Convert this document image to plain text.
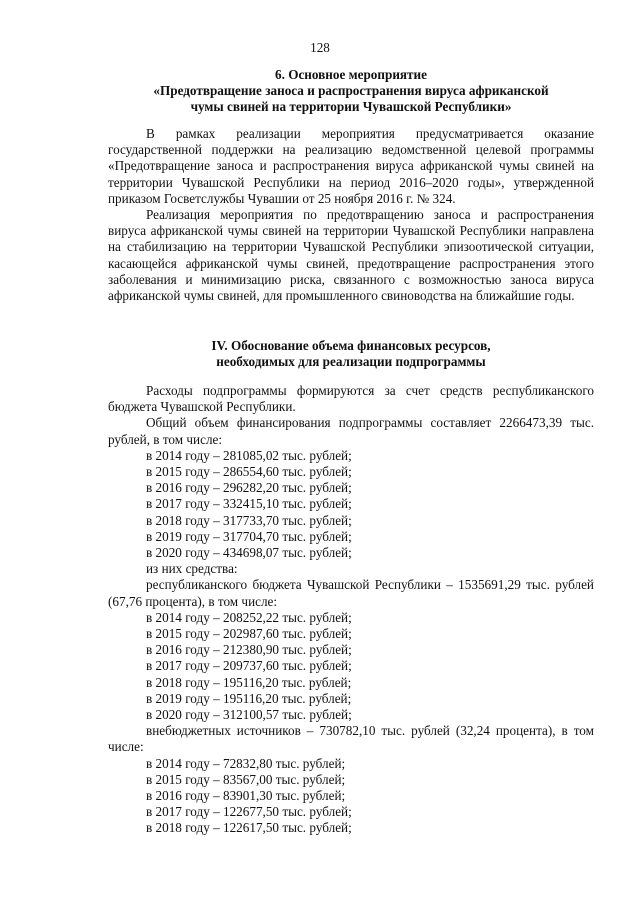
128
6. Основное мероприятие
«Предотвращение заноса и распространения вируса африканской
чумы свиней на территории Чувашской Республики»

В рамках реализации мероприятия предусматривается оказание государственной поддержки на реализацию ведомственной целевой программы «Предотвращение заноса и распространения вируса африканской чумы свиней на территории Чувашской Республики на период 2016–2020 годы», утвержденной приказом Госветслужбы Чувашии от 25 ноября 2016 г. № 324.

Реализация мероприятия по предотвращению заноса и распространения вируса африканской чумы свиней на территории Чувашской Республики направлена на стабилизацию на территории Чувашской Республики эпизоотической ситуации, касающейся африканской чумы свиней, предотвращение распространения этого заболевания и минимизацию риска, связанного с возможностью заноса вируса африканской чумы свиней, для промышленного свиноводства на ближайшие годы.

IV. Обоснование объема финансовых ресурсов,
необходимых для реализации подпрограммы

Расходы подпрограммы формируются за счет средств республиканского бюджета Чувашской Республики.

Общий объем финансирования подпрограммы составляет 2266473,39 тыс. рублей, в том числе:

в 2014 году – 281085,02 тыс. рублей;
в 2015 году – 286554,60 тыс. рублей;
в 2016 году – 296282,20 тыс. рублей;
в 2017 году – 332415,10 тыс. рублей;
в 2018 году – 317733,70 тыс. рублей;
в 2019 году – 317704,70 тыс. рублей;
в 2020 году – 434698,07 тыс. рублей;
из них средства:

республиканского бюджета Чувашской Республики – 1535691,29 тыс. рублей (67,76 процента), в том числе:

в 2014 году – 208252,22 тыс. рублей;
в 2015 году – 202987,60 тыс. рублей;
в 2016 году – 212380,90 тыс. рублей;
в 2017 году – 209737,60 тыс. рублей;
в 2018 году – 195116,20 тыс. рублей;
в 2019 году – 195116,20 тыс. рублей;
в 2020 году – 312100,57 тыс. рублей;

внебюджетных источников – 730782,10 тыс. рублей (32,24 процента), в том числе:

в 2014 году – 72832,80 тыс. рублей;
в 2015 году – 83567,00 тыс. рублей;
в 2016 году – 83901,30 тыс. рублей;
в 2017 году – 122677,50 тыс. рублей;
в 2018 году – 122617,50 тыс. рублей;
